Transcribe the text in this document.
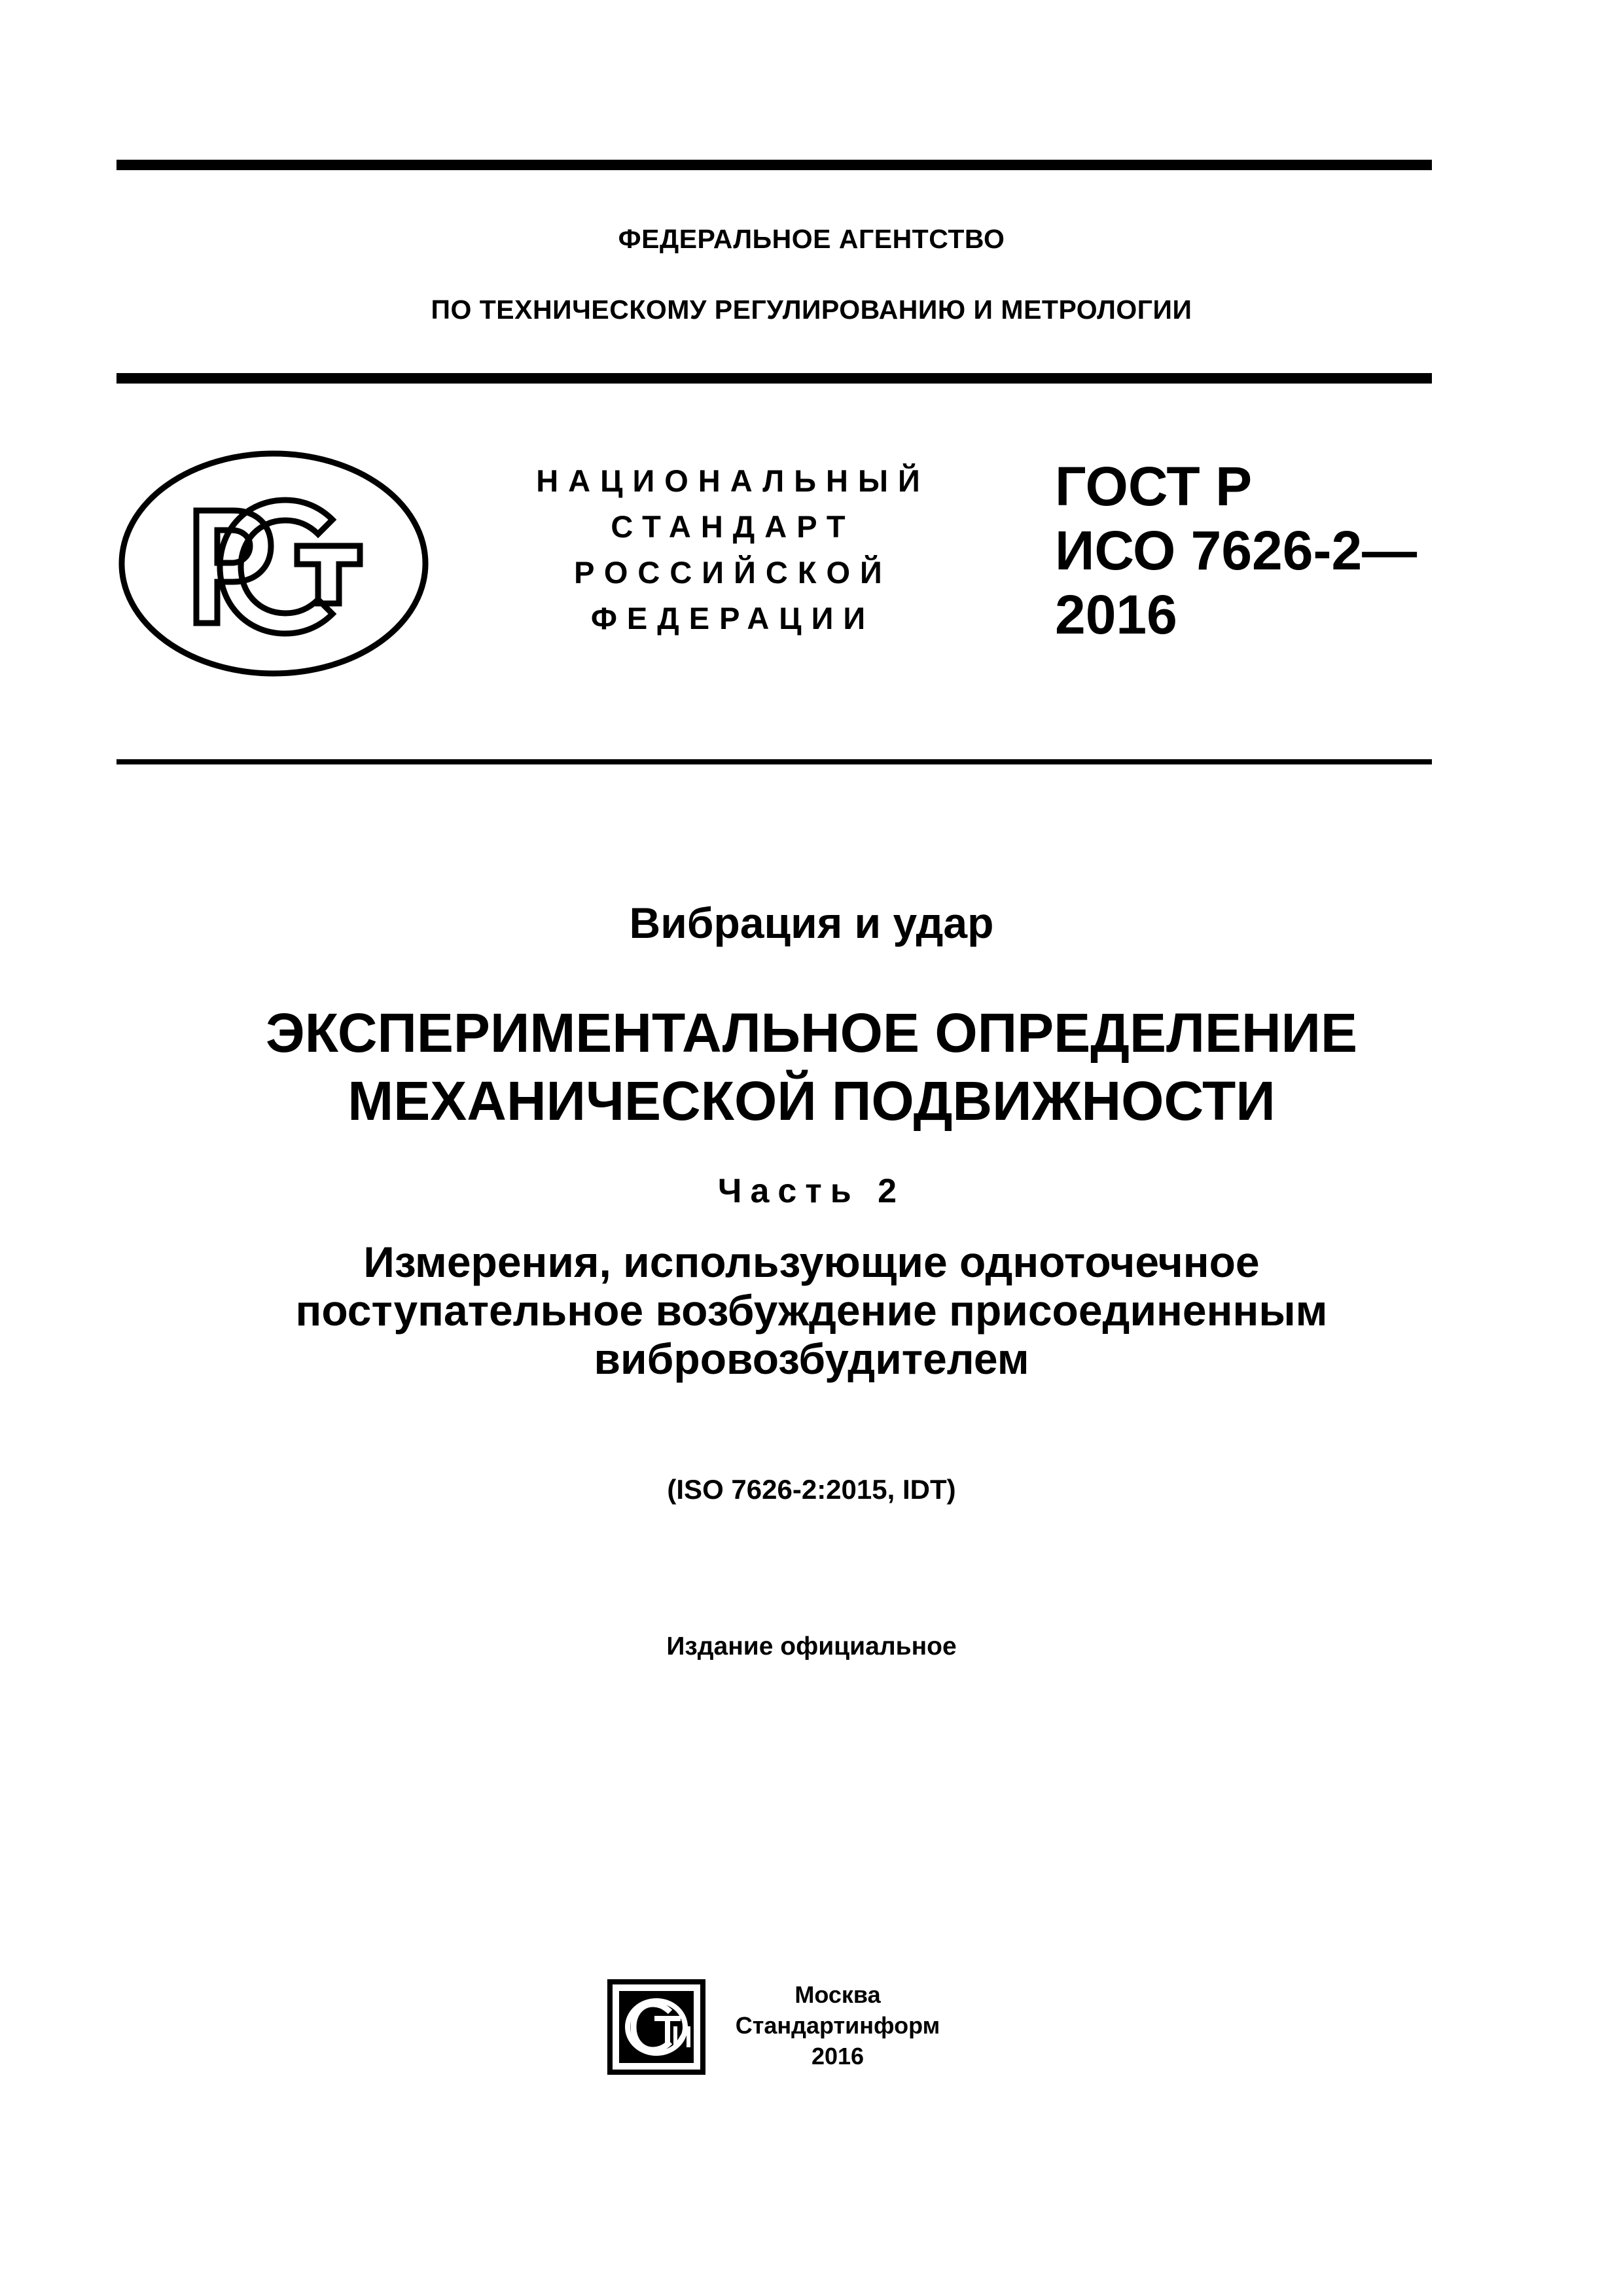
ФЕДЕРАЛЬНОЕ АГЕНТСТВО
ПО ТЕХНИЧЕСКОМУ РЕГУЛИРОВАНИЮ И МЕТРОЛОГИИ
НАЦИОНАЛЬНЫЙ
СТАНДАРТ
РОССИЙСКОЙ
ФЕДЕРАЦИИ
ГОСТ Р
ИСО 7626-2—
2016
Вибрация и удар
ЭКСПЕРИМЕНТАЛЬНОЕ ОПРЕДЕЛЕНИЕ
МЕХАНИЧЕСКОЙ ПОДВИЖНОСТИ
Часть 2
Измерения, использующие одноточечное
поступательное возбуждение присоединенным
вибровозбудителем
(ISO 7626-2:2015, IDT)
Издание официальное
Москва
Стандартинформ
2016
